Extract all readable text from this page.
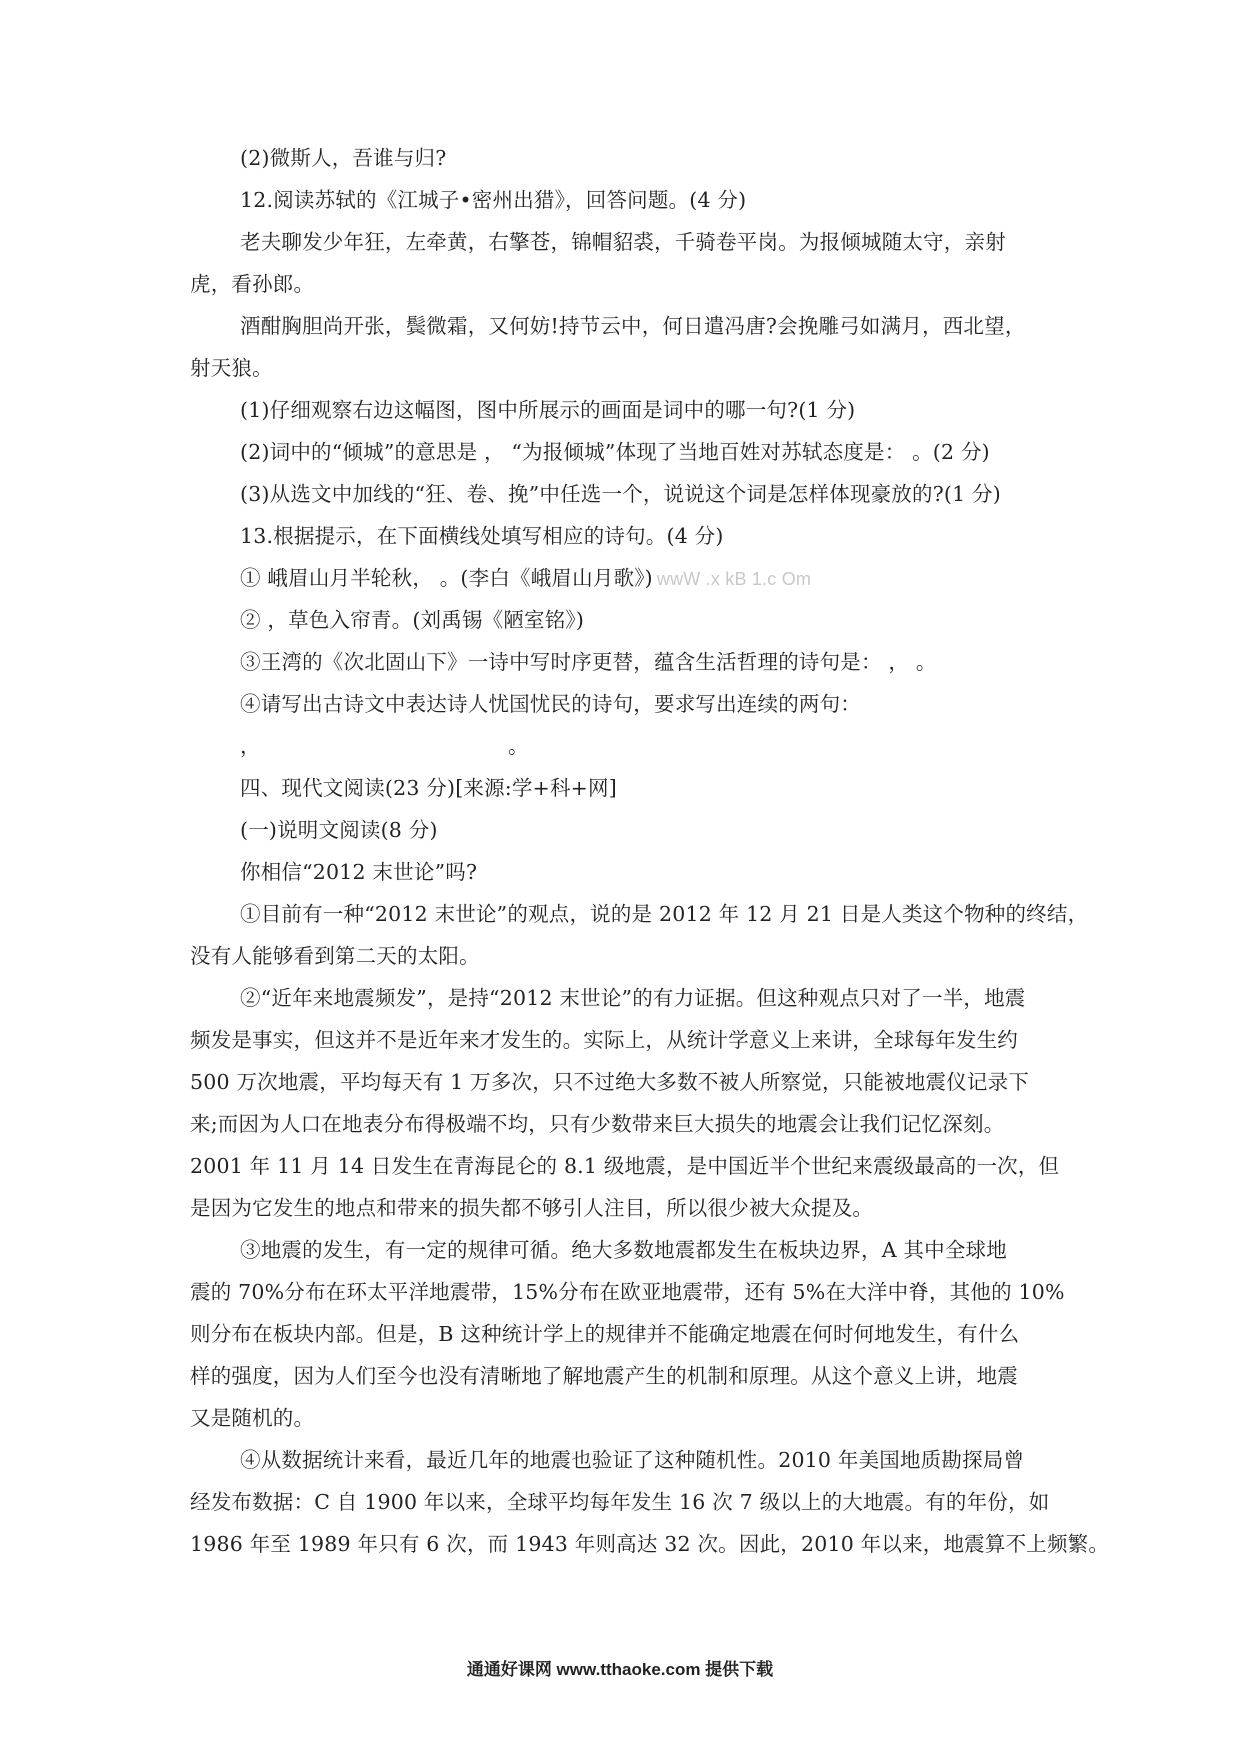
(2)微斯人，吾谁与归?
12.阅读苏轼的《江城子•密州出猎》，回答问题。(4 分)
老夫聊发少年狂，左牵黄，右擎苍，锦帽貂裘，千骑卷平岗。为报倾城随太守，亲射
虎，看孙郎。
酒酣胸胆尚开张，鬓微霜，又何妨!持节云中，何日遣冯唐?会挽雕弓如满月，西北望，
射天狼。
(1)仔细观察右边这幅图，图中所展示的画面是词中的哪一句?(1 分)
(2)词中的“倾城”的意思是 ， “为报倾城”体现了当地百姓对苏轼态度是： 。(2 分)
(3)从选文中加线的“狂、卷、挽”中任选一个，说说这个词是怎样体现豪放的?(1 分)
13.根据提示，在下面横线处填写相应的诗句。(4 分)
① 峨眉山月半轮秋， 。(李白《峨眉山月歌》) wwW .x kB 1.c Om
② ，草色入帘青。(刘禹锡《陋室铭》)
③王湾的《次北固山下》一诗中写时序更替，蕴含生活哲理的诗句是： ， 。
④请写出古诗文中表达诗人忧国忧民的诗句，要求写出连续的两句：
，	。
四、现代文阅读(23 分)[来源:学+科+网]
(一)说明文阅读(8 分)
你相信“2012 末世论”吗?
①目前有一种“2012 末世论”的观点，说的是 2012 年 12 月 21 日是人类这个物种的终结，
没有人能够看到第二天的太阳。
②“近年来地震频发”，是持“2012 末世论”的有力证据。但这种观点只对了一半，地震
频发是事实，但这并不是近年来才发生的。实际上，从统计学意义上来讲，全球每年发生约
500 万次地震，平均每天有 1 万多次，只不过绝大多数不被人所察觉，只能被地震仪记录下
来;而因为人口在地表分布得极端不均，只有少数带来巨大损失的地震会让我们记忆深刻。
2001 年 11 月 14 日发生在青海昆仑的 8.1 级地震，是中国近半个世纪来震级最高的一次，但
是因为它发生的地点和带来的损失都不够引人注目，所以很少被大众提及。
③地震的发生，有一定的规律可循。绝大多数地震都发生在板块边界，A 其中全球地
震的 70%分布在环太平洋地震带，15%分布在欧亚地震带，还有 5%在大洋中脊，其他的 10%
则分布在板块内部。但是，B 这种统计学上的规律并不能确定地震在何时何地发生，有什么
样的强度，因为人们至今也没有清晰地了解地震产生的机制和原理。从这个意义上讲，地震
又是随机的。
④从数据统计来看，最近几年的地震也验证了这种随机性。2010 年美国地质勘探局曾
经发布数据：C 自 1900 年以来，全球平均每年发生 16 次 7 级以上的大地震。有的年份，如
1986 年至 1989 年只有 6 次，而 1943 年则高达 32 次。因此，2010 年以来，地震算不上频繁。
通通好课网 www.tthaoke.com 提供下载
